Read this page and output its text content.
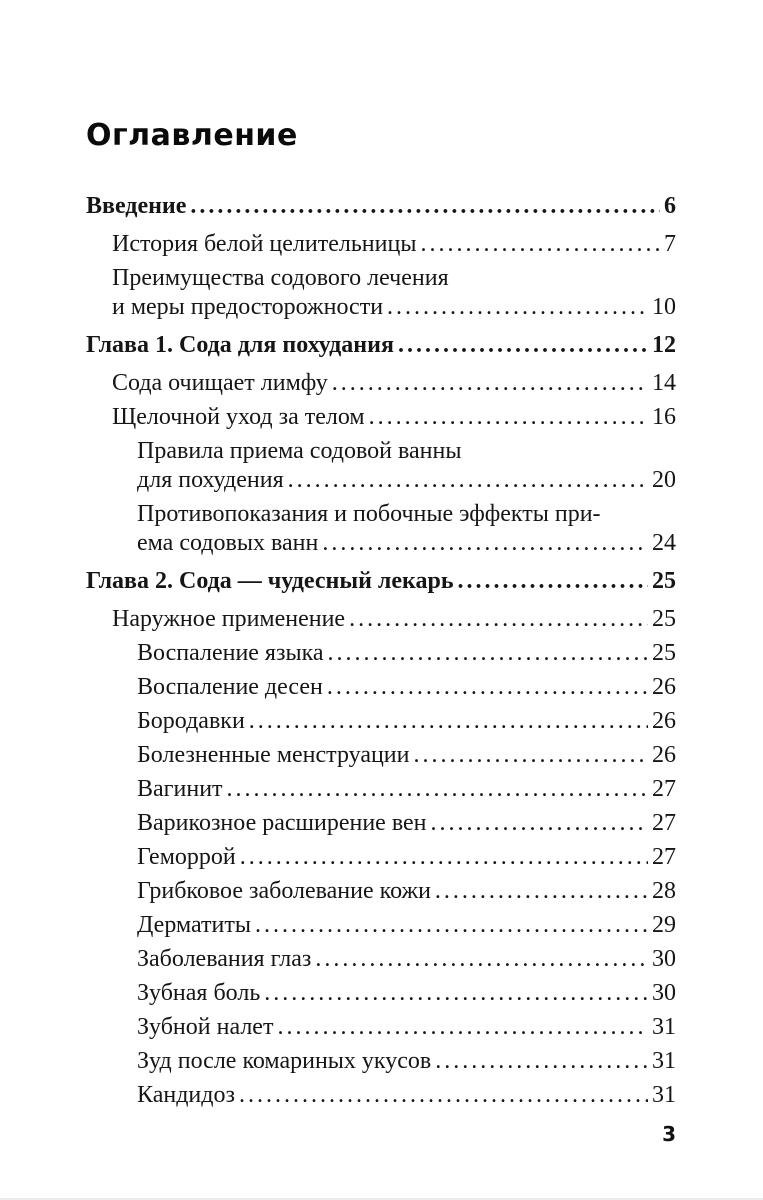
Оглавление
Введение .....	6
История белой целительницы .....	7
Преимущества содового лечения
и меры предосторожности .....	10
Глава 1. Сода для похудания .....	12
Сода очищает лимфу .....	14
Щелочной уход за телом .....	16
Правила приема содовой ванны
для похудения .....	20
Противопоказания и побочные эффекты при-
ема содовых ванн .....	24
Глава 2. Сода — чудесный лекарь .....	25
Наружное применение .....	25
Воспаление языка .....	25
Воспаление десен .....	26
Бородавки .....	26
Болезненные менструации .....	26
Вагинит .....	27
Варикозное расширение вен .....	27
Геморрой .....	27
Грибковое заболевание кожи .....	28
Дерматиты .....	29
Заболевания глаз .....	30
Зубная боль .....	30
Зубной налет .....	31
Зуд после комариных укусов .....	31
Кандидоз .....	31
3
